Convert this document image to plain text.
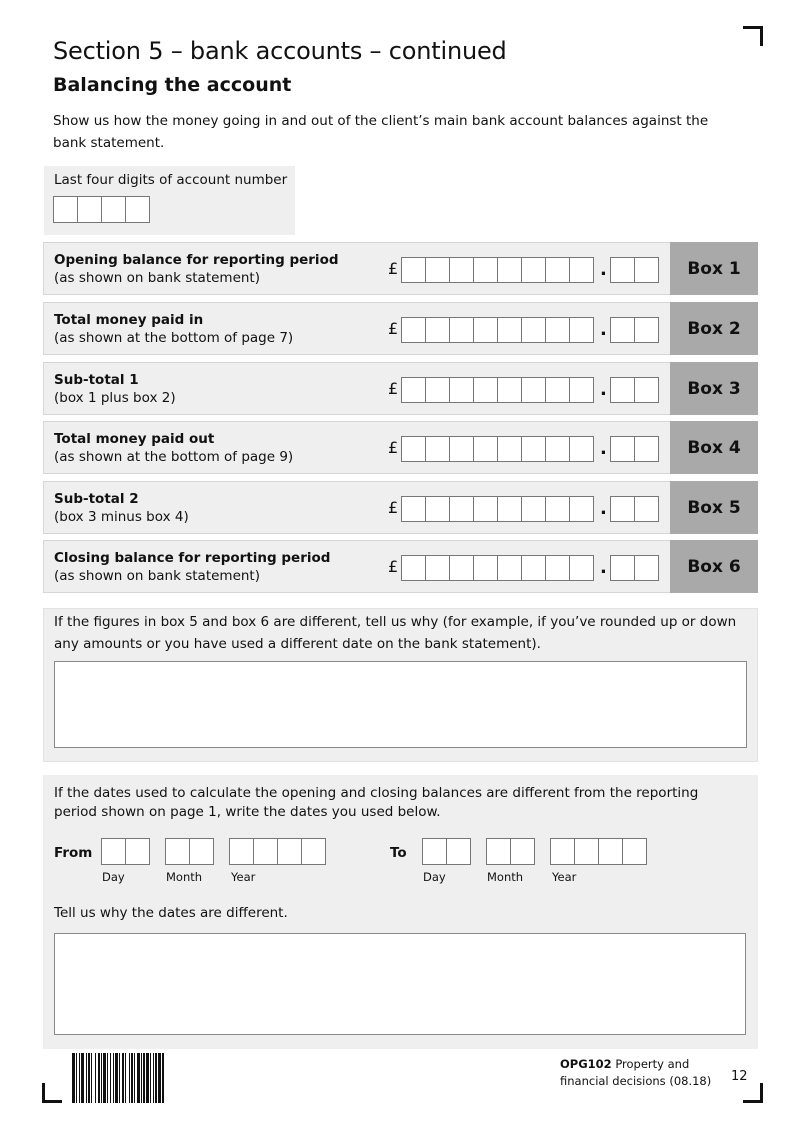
Section 5 – bank accounts – continued
Balancing the account

Show us how the money going in and out of the client’s main bank account balances against the bank statement.

Last four digits of account number
Opening balance for reporting period
(as shown on bank statement)	£	.	Box 1
Total money paid in
(as shown at the bottom of page 7)	£	.	Box 2
Sub-total 1
(box 1 plus box 2)	£	.	Box 3
Total money paid out
(as shown at the bottom of page 9)	£	.	Box 4
Sub-total 2
(box 3 minus box 4)	£	.	Box 5
Closing balance for reporting period
(as shown on bank statement)	£	.	Box 6

If the figures in box 5 and box 6 are different, tell us why (for example, if you’ve rounded up or down any amounts or you have used a different date on the bank statement).

If the dates used to calculate the opening and closing balances are different from the reporting period shown on page 1, write the dates you used below.

From
Day	Month	Year
To
Day	Month	Year

Tell us why the dates are different.

OPG102 Property and
financial decisions (08.18) 12
